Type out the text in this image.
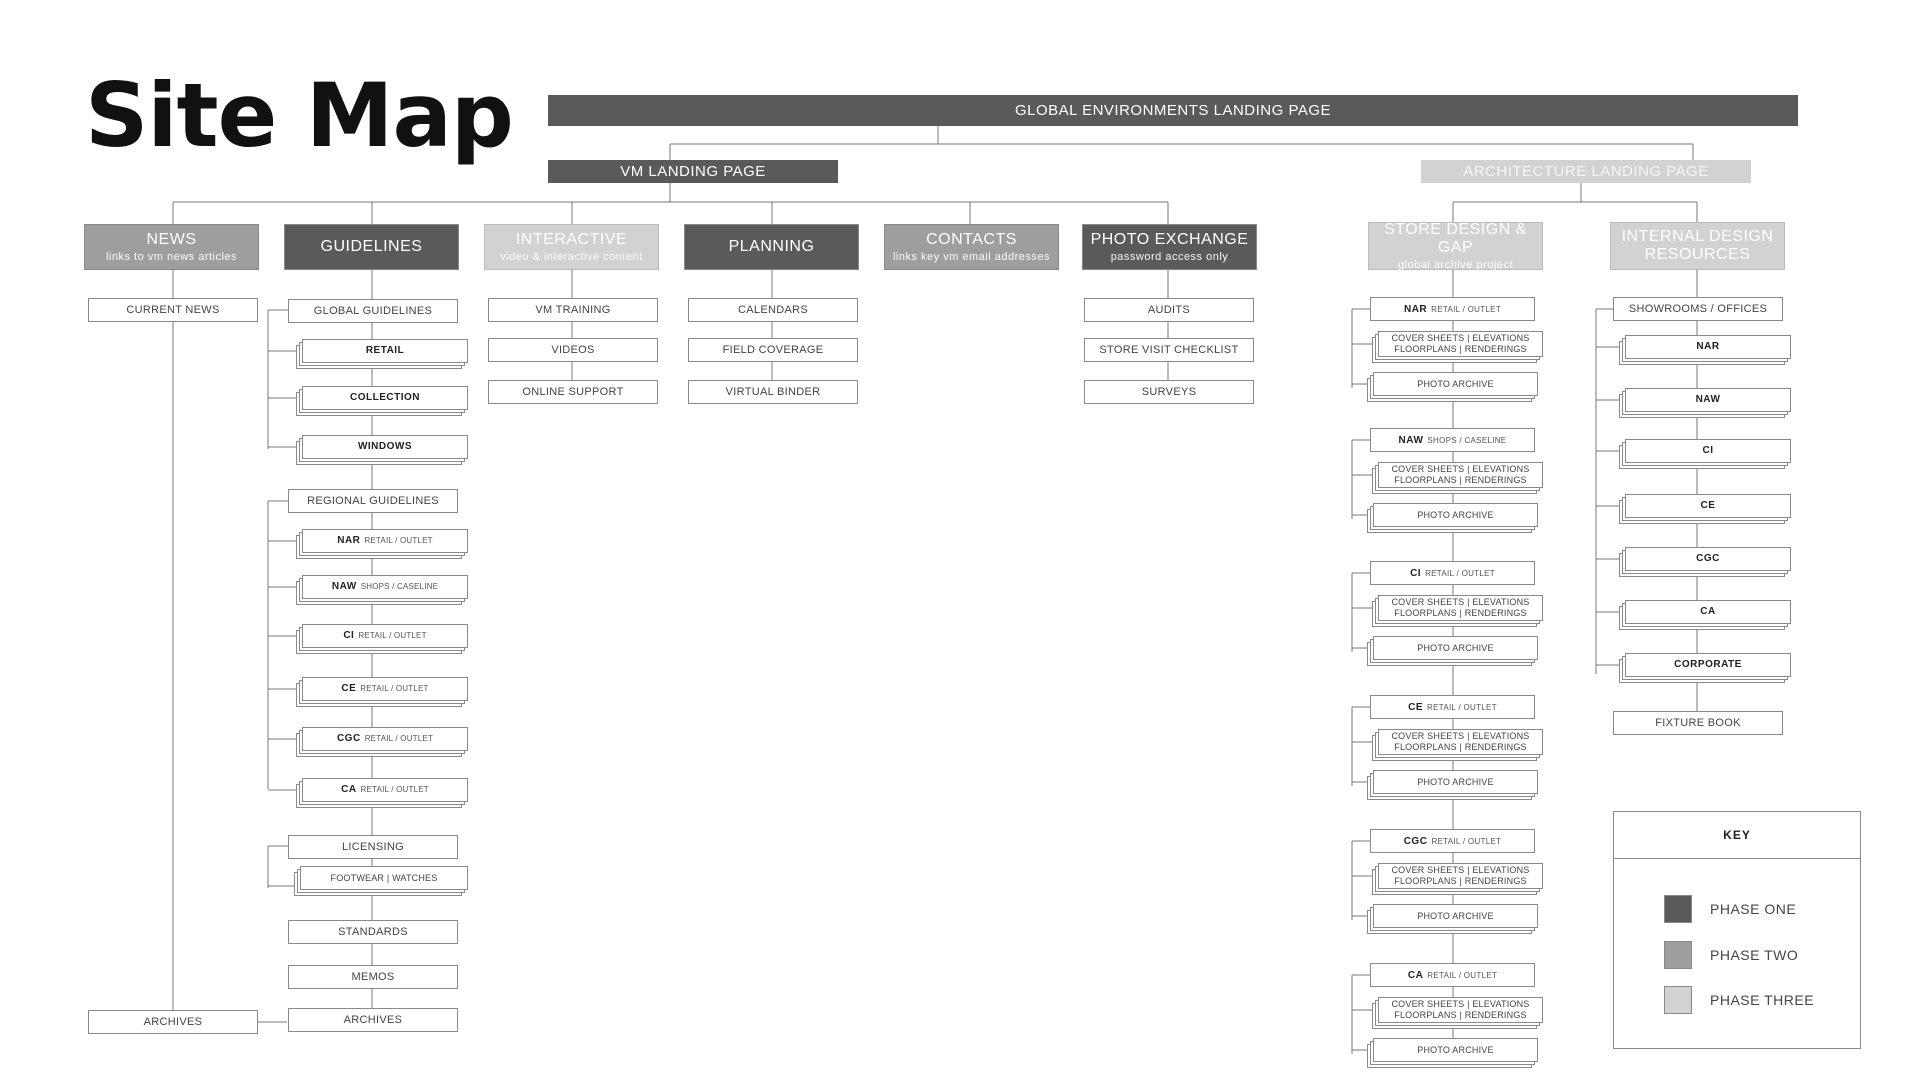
Site Map	GLOBAL ENVIRONMENTS LANDING PAGE
VM LANDING PAGE	ARCHITECTURE LANDING PAGE
NEWS
links to vm news articles
GUIDELINES	INTERACTIVE
video & interactive content
PLANNING	CONTACTS
links key vm email addresses
PHOTO EXCHANGE
password access only
STORE DESIGN & GAP
global archive project
INTERNAL DESIGN
RESOURCES
CURRENT NEWS
ARCHIVES
GLOBAL GUIDELINES
RETAIL
COLLECTION
WINDOWS
REGIONAL GUIDELINES
NAR RETAIL / OUTLET
NAW SHOPS / CASELINE
CI RETAIL / OUTLET
CE RETAIL / OUTLET
CGC RETAIL / OUTLET
CA RETAIL / OUTLET
LICENSING
FOOTWEAR | WATCHES
STANDARDS
MEMOS
ARCHIVES
VM TRAINING
VIDEOS
ONLINE SUPPORT
CALENDARS
FIELD COVERAGE
VIRTUAL BINDER
AUDITS
STORE VISIT CHECKLIST
SURVEYS
NAR RETAIL / OUTLET
COVER SHEETS | ELEVATIONS
FLOORPLANS | RENDERINGS
PHOTO ARCHIVE
NAW SHOPS / CASELINE
COVER SHEETS | ELEVATIONS
FLOORPLANS | RENDERINGS
PHOTO ARCHIVE
CI RETAIL / OUTLET
COVER SHEETS | ELEVATIONS
FLOORPLANS | RENDERINGS
PHOTO ARCHIVE
CE RETAIL / OUTLET
COVER SHEETS | ELEVATIONS
FLOORPLANS | RENDERINGS
PHOTO ARCHIVE
CGC RETAIL / OUTLET
COVER SHEETS | ELEVATIONS
FLOORPLANS | RENDERINGS
PHOTO ARCHIVE
CA RETAIL / OUTLET
COVER SHEETS | ELEVATIONS
FLOORPLANS | RENDERINGS
PHOTO ARCHIVE
SHOWROOMS / OFFICES
NAR
NAW
CI
CE
CGC
CA
CORPORATE
FIXTURE BOOK
KEY
PHASE ONE
PHASE TWO
PHASE THREE
